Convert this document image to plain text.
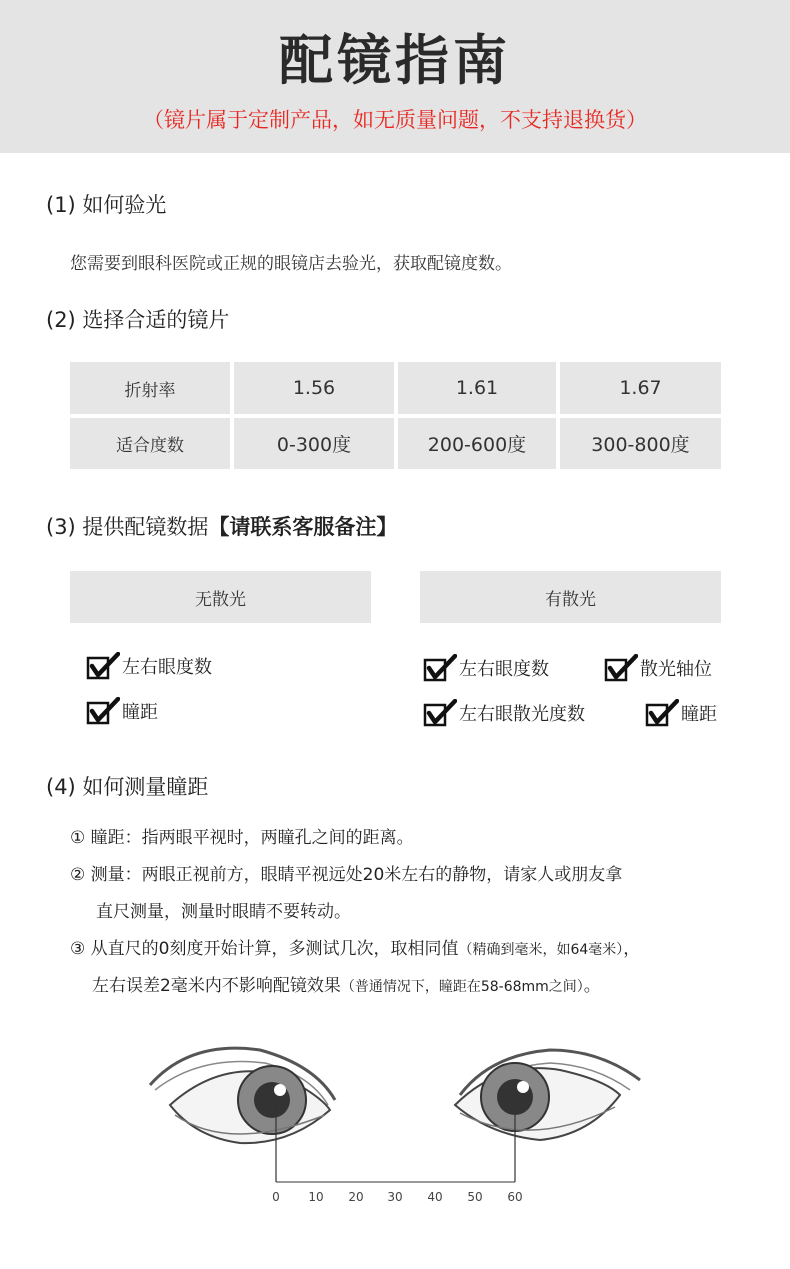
配镜指南
（镜片属于定制产品，如无质量问题，不支持退换货）
(1) 如何验光
您需要到眼科医院或正规的眼镜店去验光，获取配镜度数。
(2) 选择合适的镜片
折射率	1.56	1.61	1.67
适合度数	0-300度	200-600度	300-800度
(3) 提供配镜数据【请联系客服备注】
无散光	有散光
左右眼度数
瞳距
左右眼度数	散光轴位
左右眼散光度数	瞳距
(4) 如何测量瞳距
① 瞳距：指两眼平视时，两瞳孔之间的距离。
② 测量：两眼正视前方，眼睛平视远处20米左右的静物，请家人或朋友拿
直尺测量，测量时眼睛不要转动。
③ 从直尺的0刻度开始计算，多测试几次，取相同值（精确到毫米，如64毫米），
左右误差2毫米内不影响配镜效果（普通情况下，瞳距在58-68mm之间）。
0 10 20 30 40 50 60
